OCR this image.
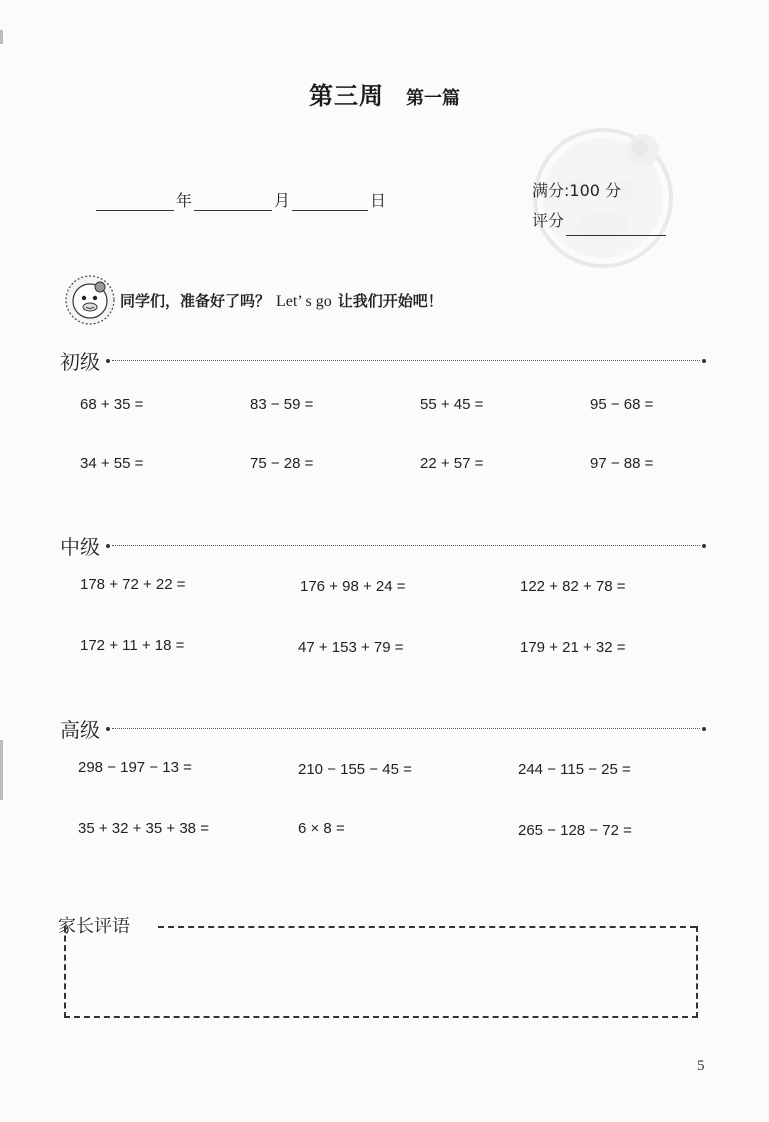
第三周 第一篇
年	月	日
满分:100 分
评分
同学们，准备好了吗？ Let’ s go 让我们开始吧！
初级
68 + 35 =	83 − 59 =	55 + 45 =	95 − 68 =
34 + 55 =	75 − 28 =	22 + 57 =	97 − 88 =
中级
178 + 72 + 22 =	176 + 98 + 24 =	122 + 82 + 78 =
172 + 11 + 18 =	47 + 153 + 79 =	179 + 21 + 32 =
高级
298 − 197 − 13 =	210 − 155 − 45 =	244 − 115 − 25 =
35 + 32 + 35 + 38 =	6 × 8 =	265 − 128 − 72 =
家长评语
5
